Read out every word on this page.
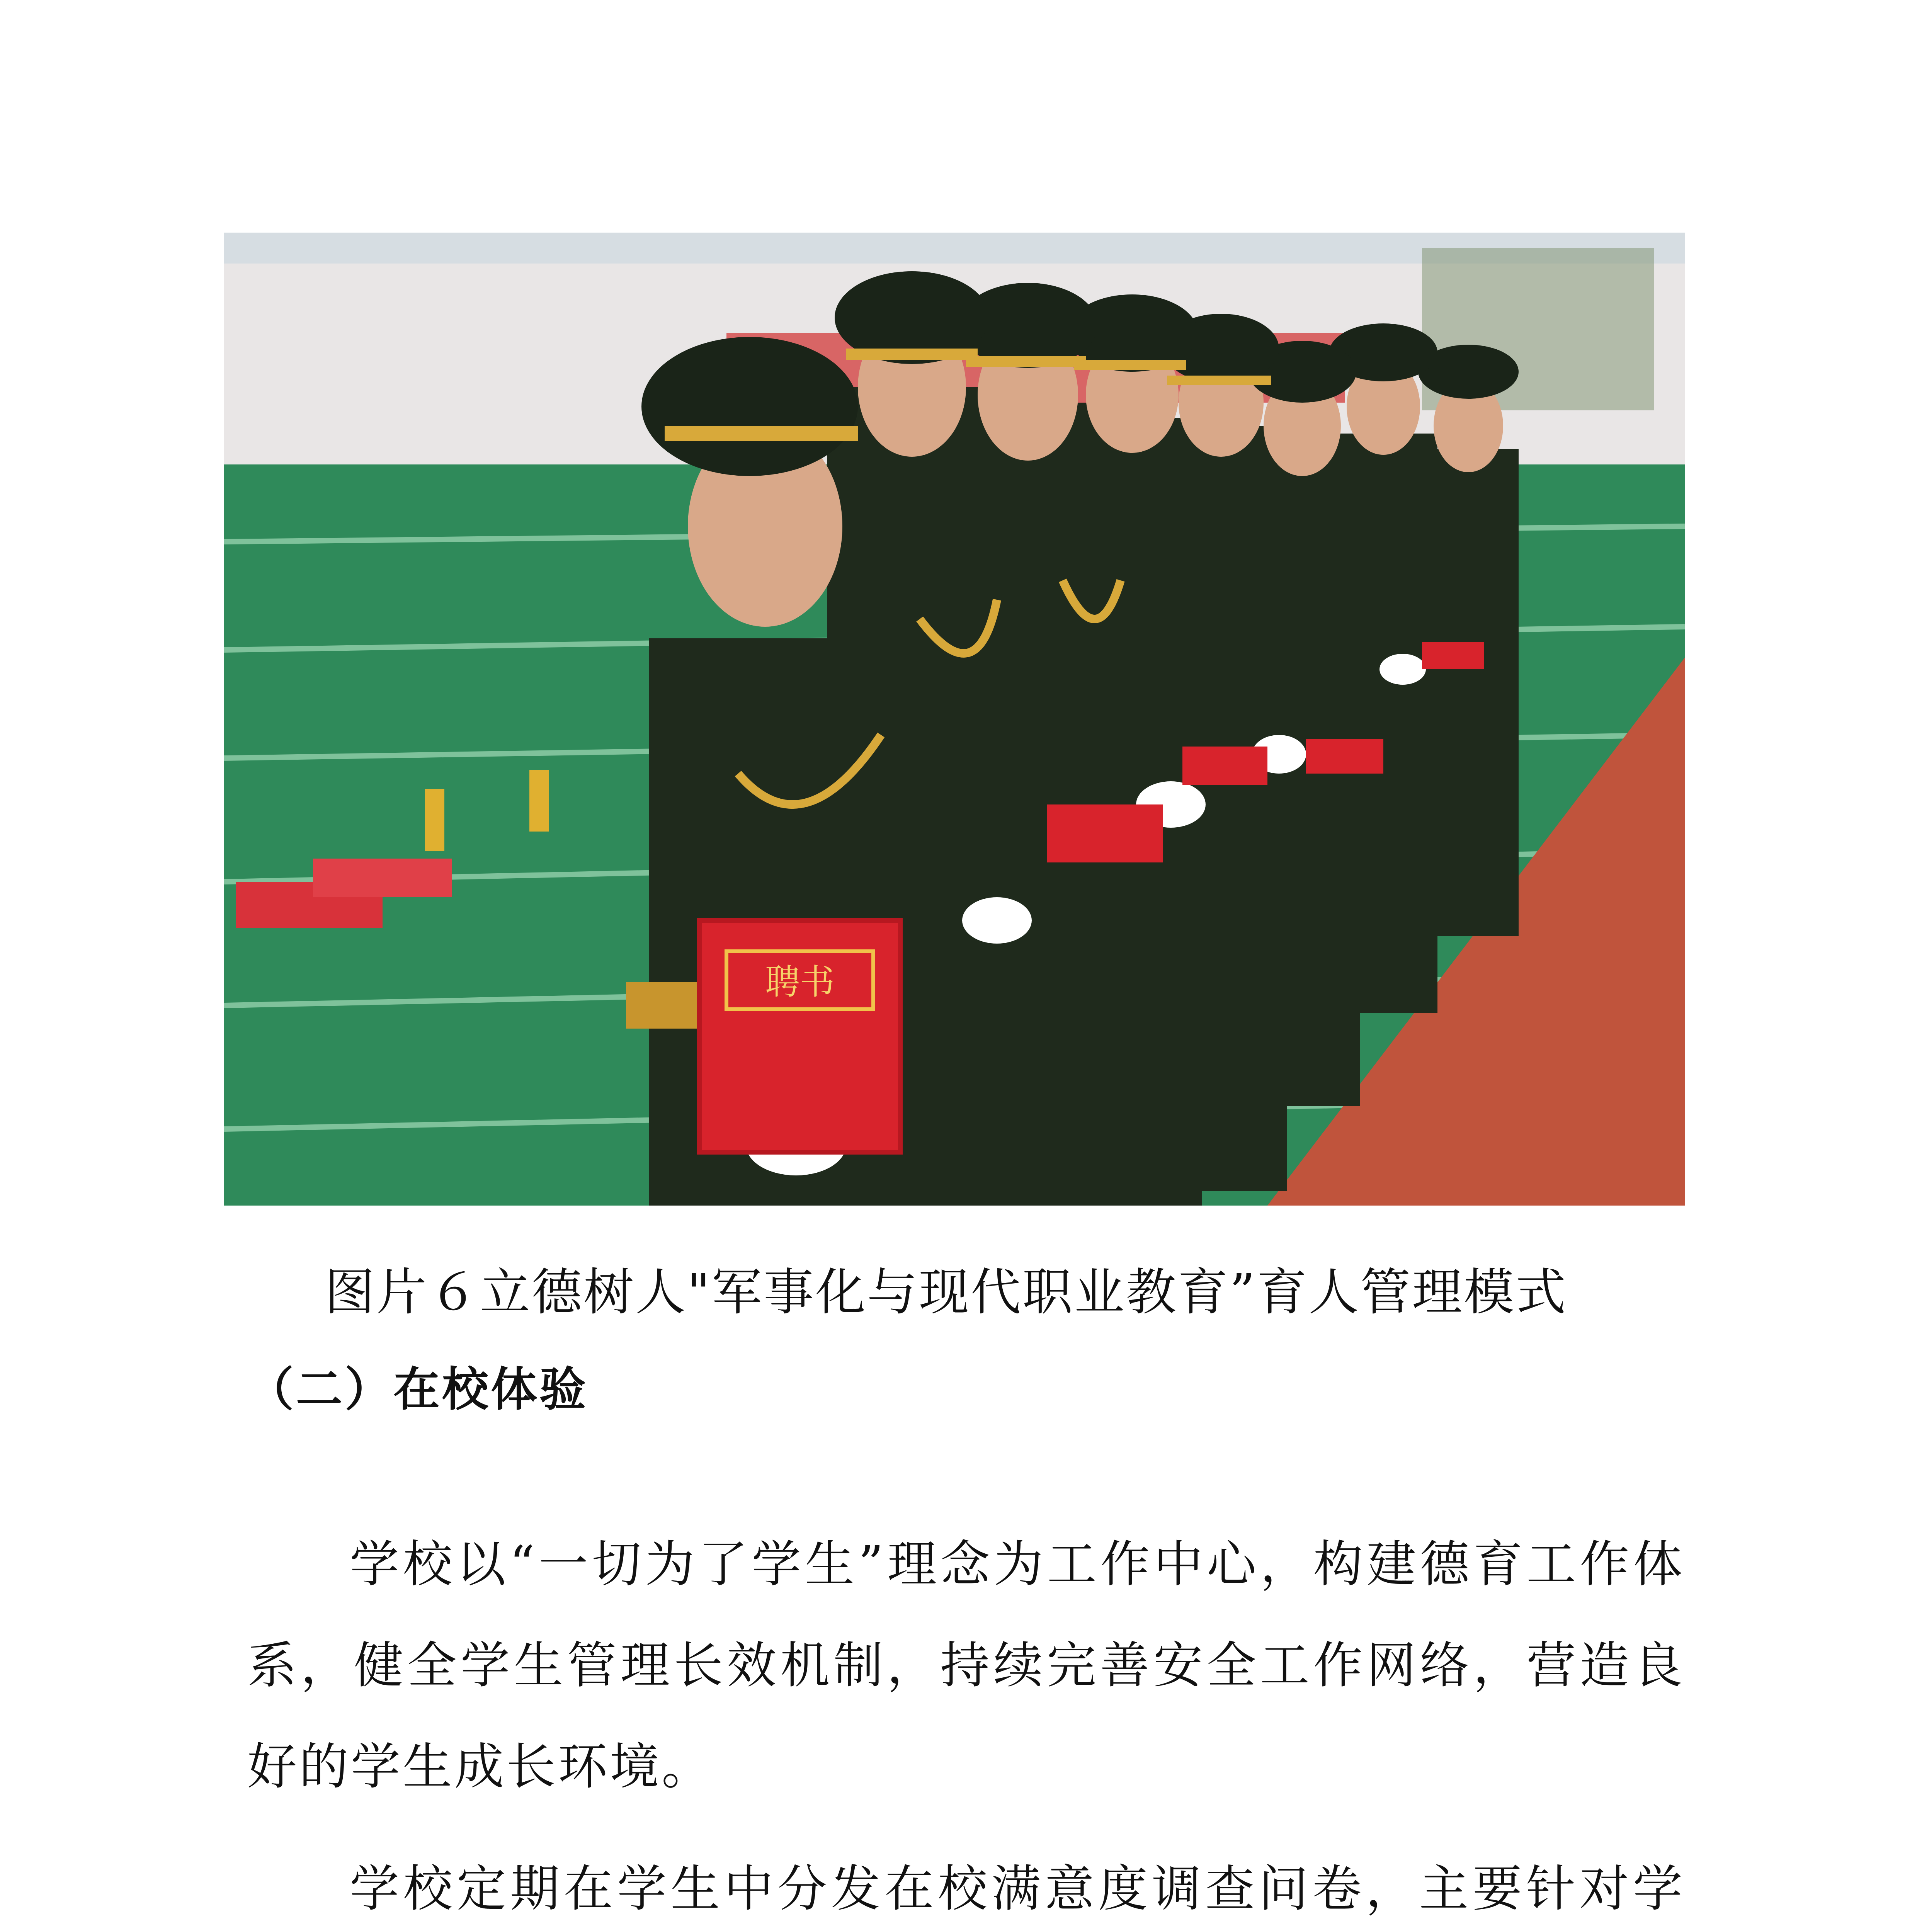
聘书
图片６立德树人"军事化与现代职业教育”育人管理模式
（二）在校体验

学校以“一切为了学生”理念为工作中心，构建德育工作体系，健全学生管理长效机制，持续完善安全工作网络，营造良好的学生成长环境。

学校定期在学生中分发在校满意度调查问卷，主要针对学
